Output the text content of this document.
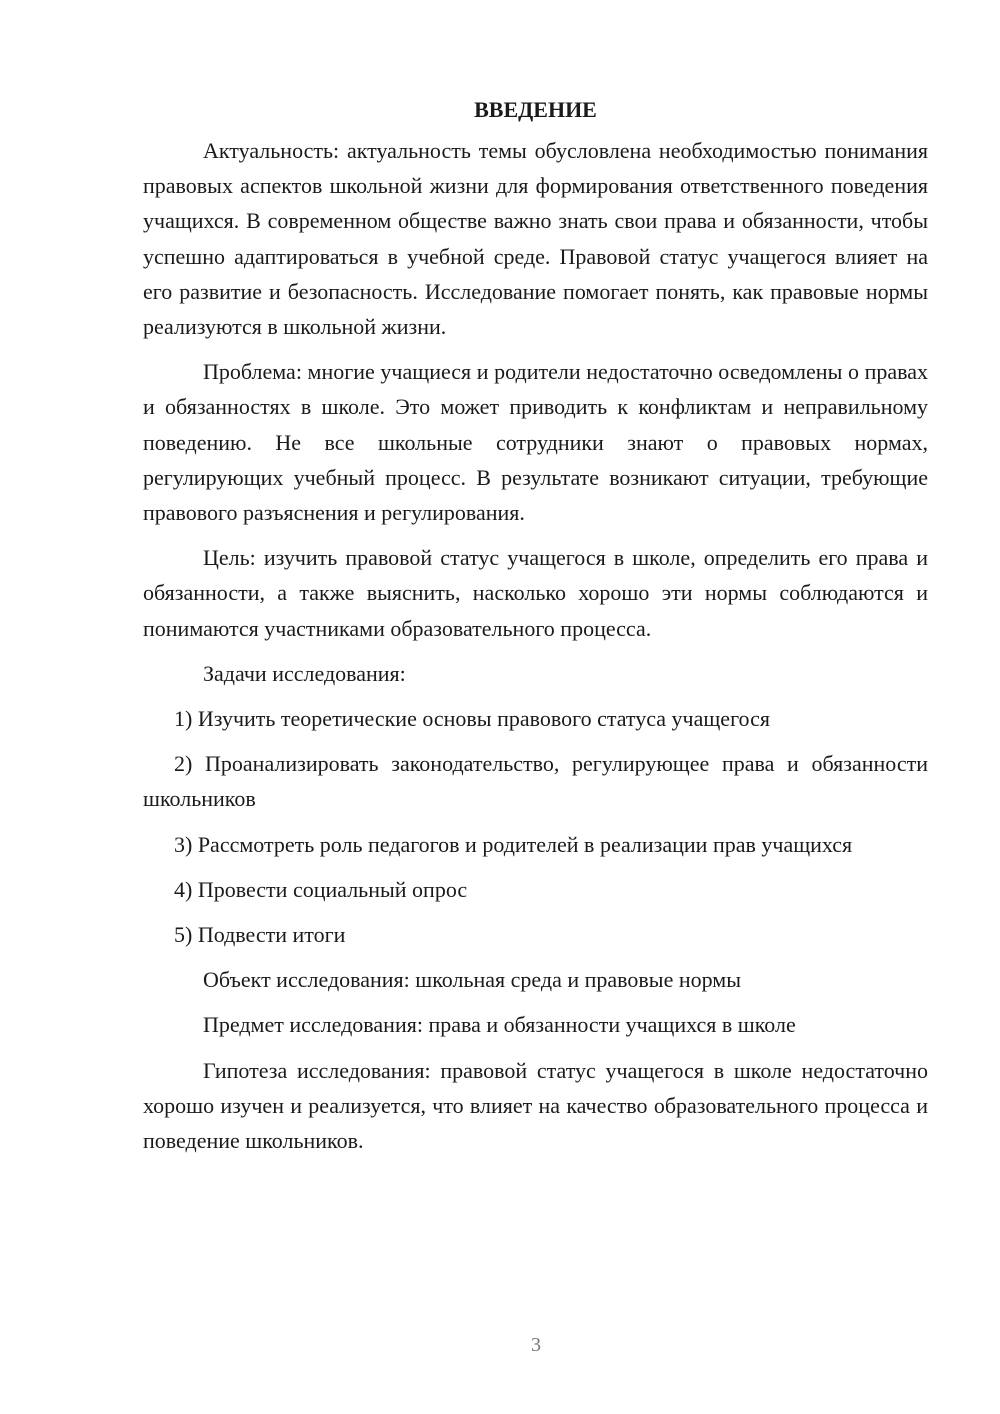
ВВЕДЕНИЕ

Актуальность: актуальность темы обусловлена необходимостью понимания правовых аспектов школьной жизни для формирования ответственного поведения учащихся. В современном обществе важно знать свои права и обязанности, чтобы успешно адаптироваться в учебной среде. Правовой статус учащегося влияет на его развитие и безопасность. Исследование помогает понять, как правовые нормы реализуются в школьной жизни.

Проблема: многие учащиеся и родители недостаточно осведомлены о правах и обязанностях в школе. Это может приводить к конфликтам и неправильному поведению. Не все школьные сотрудники знают о правовых нормах, регулирующих учебный процесс. В результате возникают ситуации, требующие правового разъяснения и регулирования.

Цель: изучить правовой статус учащегося в школе, определить его права и обязанности, а также выяснить, насколько хорошо эти нормы соблюдаются и понимаются участниками образовательного процесса.

Задачи исследования:

1) Изучить теоретические основы правового статуса учащегося

2) Проанализировать законодательство, регулирующее права и обязанности школьников

3) Рассмотреть роль педагогов и родителей в реализации прав учащихся

4) Провести социальный опрос

5) Подвести итоги

Объект исследования: школьная среда и правовые нормы

Предмет исследования: права и обязанности учащихся в школе

Гипотеза исследования: правовой статус учащегося в школе недостаточно хорошо изучен и реализуется, что влияет на качество образовательного процесса и поведение школьников.

3
